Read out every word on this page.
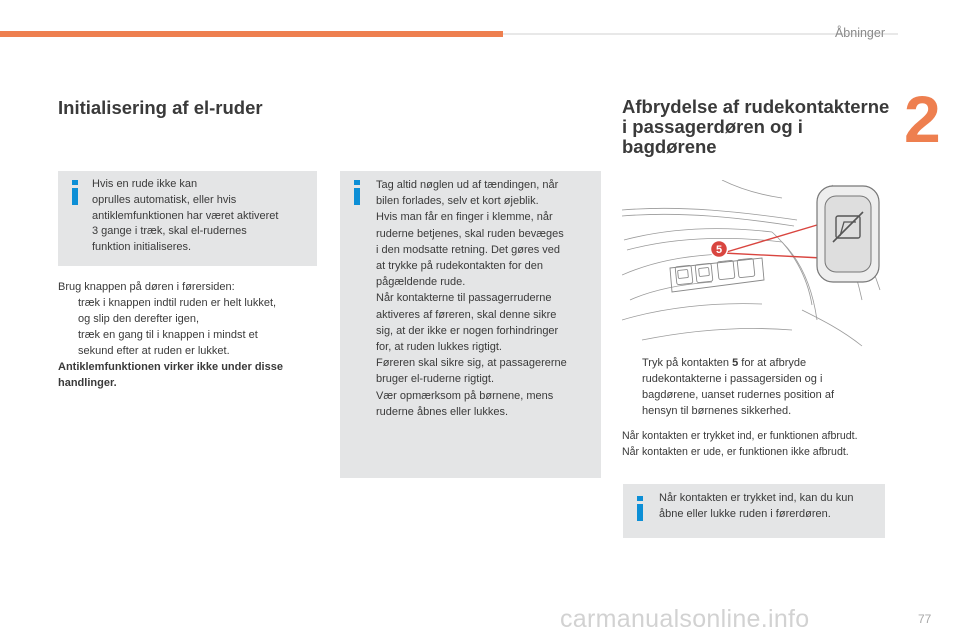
Åbninger
2
Initialisering af el-ruder
Hvis en rude ikke kan
oprulles automatisk, eller hvis
antiklemfunktionen har været aktiveret
3 gange i træk, skal el-rudernes
funktion initialiseres.
Brug knappen på døren i førersiden:
træk i knappen indtil ruden er helt lukket,
og slip den derefter igen,
træk en gang til i knappen i mindst et
sekund efter at ruden er lukket.
Antiklemfunktionen virker ikke under disse
handlinger.
Tag altid nøglen ud af tændingen, når
bilen forlades, selv et kort øjeblik.
Hvis man får en finger i klemme, når
ruderne betjenes, skal ruden bevæges
i den modsatte retning. Det gøres ved
at trykke på rudekontakten for den
pågældende rude.
Når kontakterne til passagerruderne
aktiveres af føreren, skal denne sikre
sig, at der ikke er nogen forhindringer
for, at ruden lukkes rigtigt.
Føreren skal sikre sig, at passagererne
bruger el-ruderne rigtigt.
Vær opmærksom på børnene, mens
ruderne åbnes eller lukkes.
Afbrydelse af rudekontakterne
i passagerdøren og i
bagdørene
5
Tryk på kontakten 5 for at afbryde
rudekontakterne i passagersiden og i
bagdørene, uanset rudernes position af
hensyn til børnenes sikkerhed.
Når kontakten er trykket ind, er funktionen afbrudt.
Når kontakten er ude, er funktionen ikke afbrudt.
Når kontakten er trykket ind, kan du kun
åbne eller lukke ruden i førerdøren.
carmanualsonline.info	77
